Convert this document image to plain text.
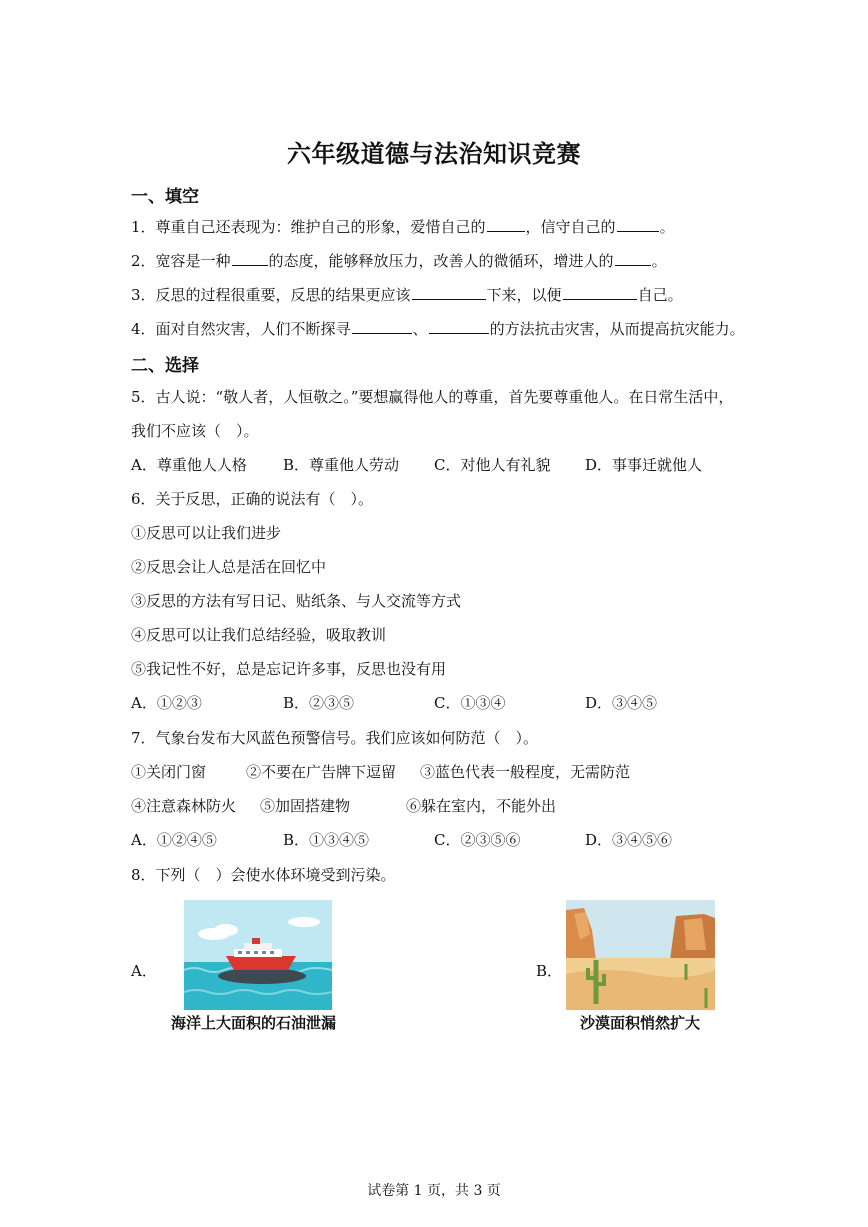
六年级道德与法治知识竞赛
一、填空
1．尊重自己还表现为：维护自己的形象，爱惜自己的	，信守自己的	。
2．宽容是一种	的态度，能够释放压力，改善人的微循环，增进人的	。
3．反思的过程很重要，反思的结果更应该	下来，以便	自己。
4．面对自然灾害，人们不断探寻	、	的方法抗击灾害，从而提高抗灾能力。
二、选择
5．古人说：“敬人者，人恒敬之。”要想赢得他人的尊重，首先要尊重他人。在日常生活中，
我们不应该（　）。
A．尊重他人人格 B．尊重他人劳动 C．对他人有礼貌 D．事事迁就他人
6．关于反思，正确的说法有（　）。
①反思可以让我们进步
②反思会让人总是活在回忆中
③反思的方法有写日记、贴纸条、与人交流等方式
④反思可以让我们总结经验，吸取教训
⑤我记性不好，总是忘记许多事，反思也没有用
A．①②③	B．②③⑤	C．①③④	D．③④⑤
7．气象台发布大风蓝色预警信号。我们应该如何防范（　）。
①关闭门窗	②不要在广告牌下逗留 ③蓝色代表一般程度，无需防范
④注意森林防火 ⑤加固搭建物	⑥躲在室内，不能外出
A．①②④⑤	B．①③④⑤	C．②③⑤⑥	D．③④⑤⑥
8．下列（　）会使水体环境受到污染。
A．
海洋上大面积的石油泄漏
B．
沙漠面积悄然扩大
试卷第 1 页，共 3 页
